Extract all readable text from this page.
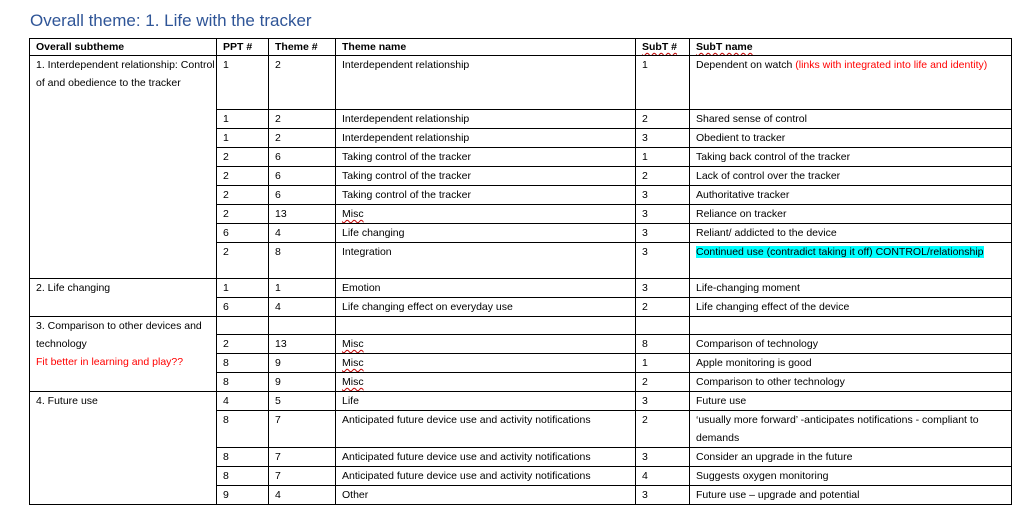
Overall theme: 1. Life with the tracker
Overall subtheme	PPT #	Theme #	Theme name	SubT #	SubT name
1. Interdependent relationship: Control of and obedience to the tracker	1	2	Interdependent relationship	1	Dependent on watch (links with integrated into life and identity)
	1	2	Interdependent relationship	2	Shared sense of control
	1	2	Interdependent relationship	3	Obedient to tracker
	2	6	Taking control of the tracker	1	Taking back control of the tracker
	2	6	Taking control of the tracker	2	Lack of control over the tracker
	2	6	Taking control of the tracker	3	Authoritative tracker
	2	13	Misc	3	Reliance on tracker
	6	4	Life changing	3	Reliant/ addicted to the device
	2	8	Integration	3	Continued use (contradict taking it off) CONTROL/relationship
2. Life changing	1	1	Emotion	3	Life-changing moment
	6	4	Life changing effect on everyday use	2	Life changing effect of the device
3. Comparison to other devices and technology
Fit better in learning and play??					
	2	13	Misc	8	Comparison of technology
	8	9	Misc	1	Apple monitoring is good
	8	9	Misc	2	Comparison to other technology
4. Future use	4	5	Life	3	Future use
	8	7	Anticipated future device use and activity notifications	2	‘usually more forward’ -anticipates notifications - compliant to demands
	8	7	Anticipated future device use and activity notifications	3	Consider an upgrade in the future
	8	7	Anticipated future device use and activity notifications	4	Suggests oxygen monitoring
	9	4	Other	3	Future use – upgrade and potential
